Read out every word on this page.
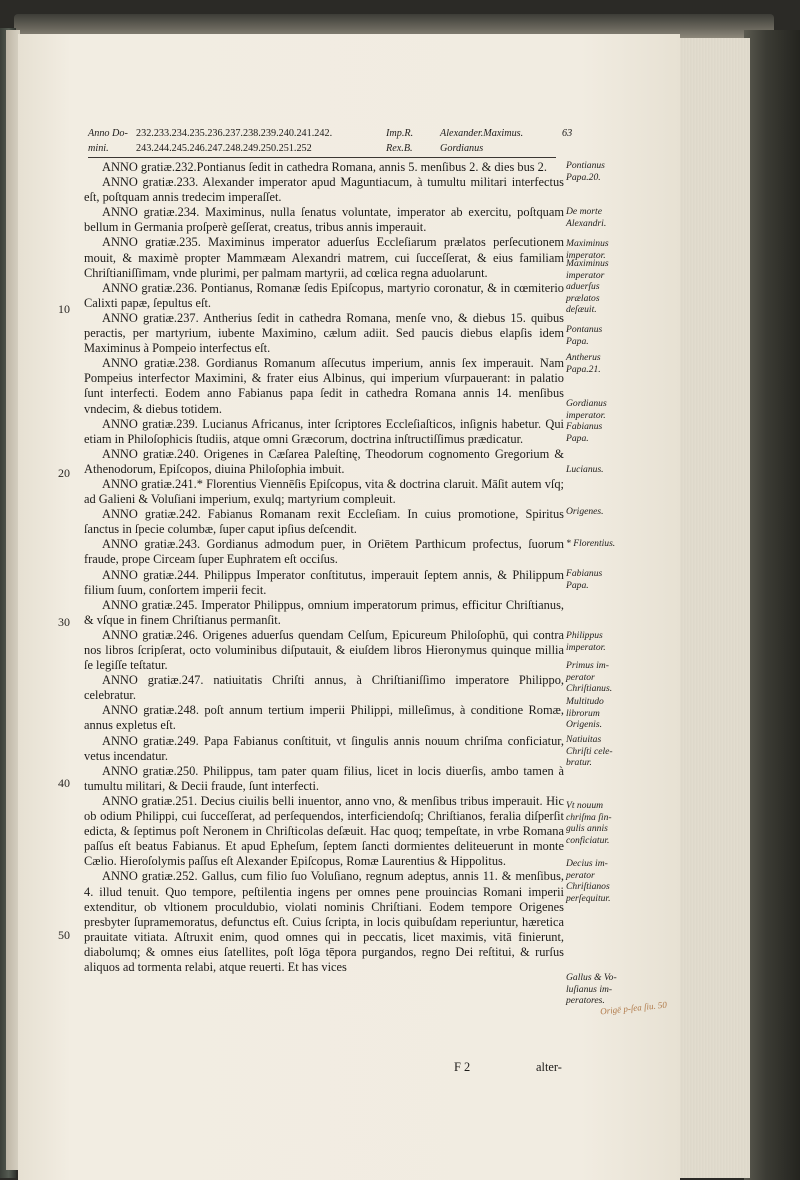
Anno Do-
mini.
232.233.234.235.236.237.238.239.240.241.242.
243.244.245.246.247.248.249.250.251.252
Imp.R.
Rex.B.
Alexander.Maximus.
Gordianus
63

ANNO gratiæ.232.Pontianus ſedit in cathedra Romana, annis 5. menſibus 2. & dies bus 2.

ANNO gratiæ.233. Alexander imperator apud Maguntiacum, à tumultu militari interfectus eſt, poſtquam annis tredecim imperaſſet.

ANNO gratiæ.234. Maximinus, nulla ſenatus voluntate, imperator ab exercitu, poſtquam bellum in Germania proſperè geſſerat, creatus, tribus annis imperauit.

ANNO gratiæ.235. Maximinus imperator aduerſus Eccleſiarum prælatos perſecutionem mouit, & maximè propter Mammæam Alexandri matrem, cui ſucceſſerat, & eius familiam Chriſtianiſſimam, vnde plurimi, per palmam martyrii, ad cœlica regna aduolarunt.

ANNO gratiæ.236. Pontianus, Romanæ ſedis Epiſcopus, martyrio coronatur, & in cœmiterio Calixti papæ, ſepultus eſt.

ANNO gratiæ.237. Antherius ſedit in cathedra Romana, menſe vno, & diebus 15. quibus peractis, per martyrium, iubente Maximino, cælum adiit. Sed paucis diebus elapſis idem Maximinus à Pompeio interfectus eſt.

ANNO gratiæ.238. Gordianus Romanum aſſecutus imperium, annis ſex imperauit. Nam Pompeius interfector Maximini, & frater eius Albinus, qui imperium vſurpauerant: in palatio ſunt interfecti. Eodem anno Fabianus papa ſedit in cathedra Romana annis 14. menſibus vndecim, & diebus totidem.

ANNO gratiæ.239. Lucianus Africanus, inter ſcriptores Eccleſiaſticos, inſignis habetur. Qui etiam in Philoſophicis ſtudiis, atque omni Græcorum, doctrina inſtructiſſimus prædicatur.

ANNO gratiæ.240. Origenes in Cæſarea Paleſtinę, Theodorum cognomento Gregorium & Athenodorum, Epiſcopos, diuina Philoſophia imbuit.

ANNO gratiæ.241.* Florentius Viennēſis Epiſcopus, vita & doctrina claruit. Māſit autem vſq; ad Galieni & Voluſiani imperium, exulq; martyrium compleuit.

ANNO gratiæ.242. Fabianus Romanam rexit Eccleſiam. In cuius promotione, Spiritus ſanctus in ſpecie columbæ, ſuper caput ipſius deſcendit.

ANNO gratiæ.243. Gordianus admodum puer, in Oriētem Parthicum profectus, ſuorum fraude, prope Circeam ſuper Euphratem eſt occiſus.

ANNO gratiæ.244. Philippus Imperator conſtitutus, imperauit ſeptem annis, & Philippum filium ſuum, conſortem imperii fecit.

ANNO gratiæ.245. Imperator Philippus, omnium imperatorum primus, efficitur Chriſtianus, & vſque in finem Chriſtianus permanſit.

ANNO gratiæ.246. Origenes aduerſus quendam Celſum, Epicureum Philoſophū, qui contra nos libros ſcripſerat, octo voluminibus diſputauit, & eiuſdem libros Hieronymus quinque millia ſe legiſſe teſtatur.

ANNO gratiæ.247. natiuitatis Chriſti annus, à Chriſtianiſſimo imperatore Philippo, celebratur.

ANNO gratiæ.248. poſt annum tertium imperii Philippi, milleſimus, à conditione Romæ, annus expletus eſt.

ANNO gratiæ.249. Papa Fabianus conſtituit, vt ſingulis annis nouum chriſma conficiatur, vetus incendatur.

ANNO gratiæ.250. Philippus, tam pater quam filius, licet in locis diuerſis, ambo tamen à tumultu militari, & Decii fraude, ſunt interfecti.

ANNO gratiæ.251. Decius ciuilis belli inuentor, anno vno, & menſibus tribus imperauit. Hic ob odium Philippi, cui ſucceſſerat, ad perſequendos, interficiendoſq; Chriſtianos, feralia diſperſit edicta, & ſeptimus poſt Neronem in Chriſticolas deſæuit. Hac quoq; tempeſtate, in vrbe Romana paſſus eſt beatus Fabianus. Et apud Epheſum, ſeptem ſancti dormientes deliteuerunt in monte Cælio. Hieroſolymis paſſus eſt Alexander Epiſcopus, Romæ Laurentius & Hippolitus.

ANNO gratiæ.252. Gallus, cum filio ſuo Voluſiano, regnum adeptus, annis 11. & menſibus, 4. illud tenuit. Quo tempore, peſtilentia ingens per omnes pene prouincias Romani imperii extenditur, ob vltionem proculdubio, violati nominis Chriſtiani. Eodem tempore Origenes presbyter ſupramemoratus, defunctus eſt. Cuius ſcripta, in locis quibuſdam reperiuntur, hæretica prauitate vitiata. Aſtruxit enim, quod omnes qui in peccatis, licet maximis, vitā finierunt, diabolumq; & omnes eius ſatellites, poſt lōga tēpora purgandos, regno Dei reſtitui, & rurſus aliquos ad tormenta relabi, atque reuerti. Et has vices

10
20
30
40
50
Pontianus
Papa.20.
De morte
Alexandri.
Maximinus
imperator.
Maximinus
imperator
aduerſus
prælatos
deſæuit.
Pontanus
Papa.
Antherus
Papa.21.
Gordianus
imperator.
Fabianus
Papa.
Lucianus.
Origenes.
* Florentius.
Fabianus
Papa.
Philippus
imperator.
Primus im-
perator
Chriſtianus.
Multitudo
librorum
Origenis.
Natiuitas
Chriſti cele-
bratur.
Vt nouum
chriſma ſin-
gulis annis
conficiatur.
Decius im-
perator
Chriſtianos
perſequitur.
Gallus & Vo-
luſianus im-
peratores.
Origē p-ſea ſiu. 50
F 2	alter-
